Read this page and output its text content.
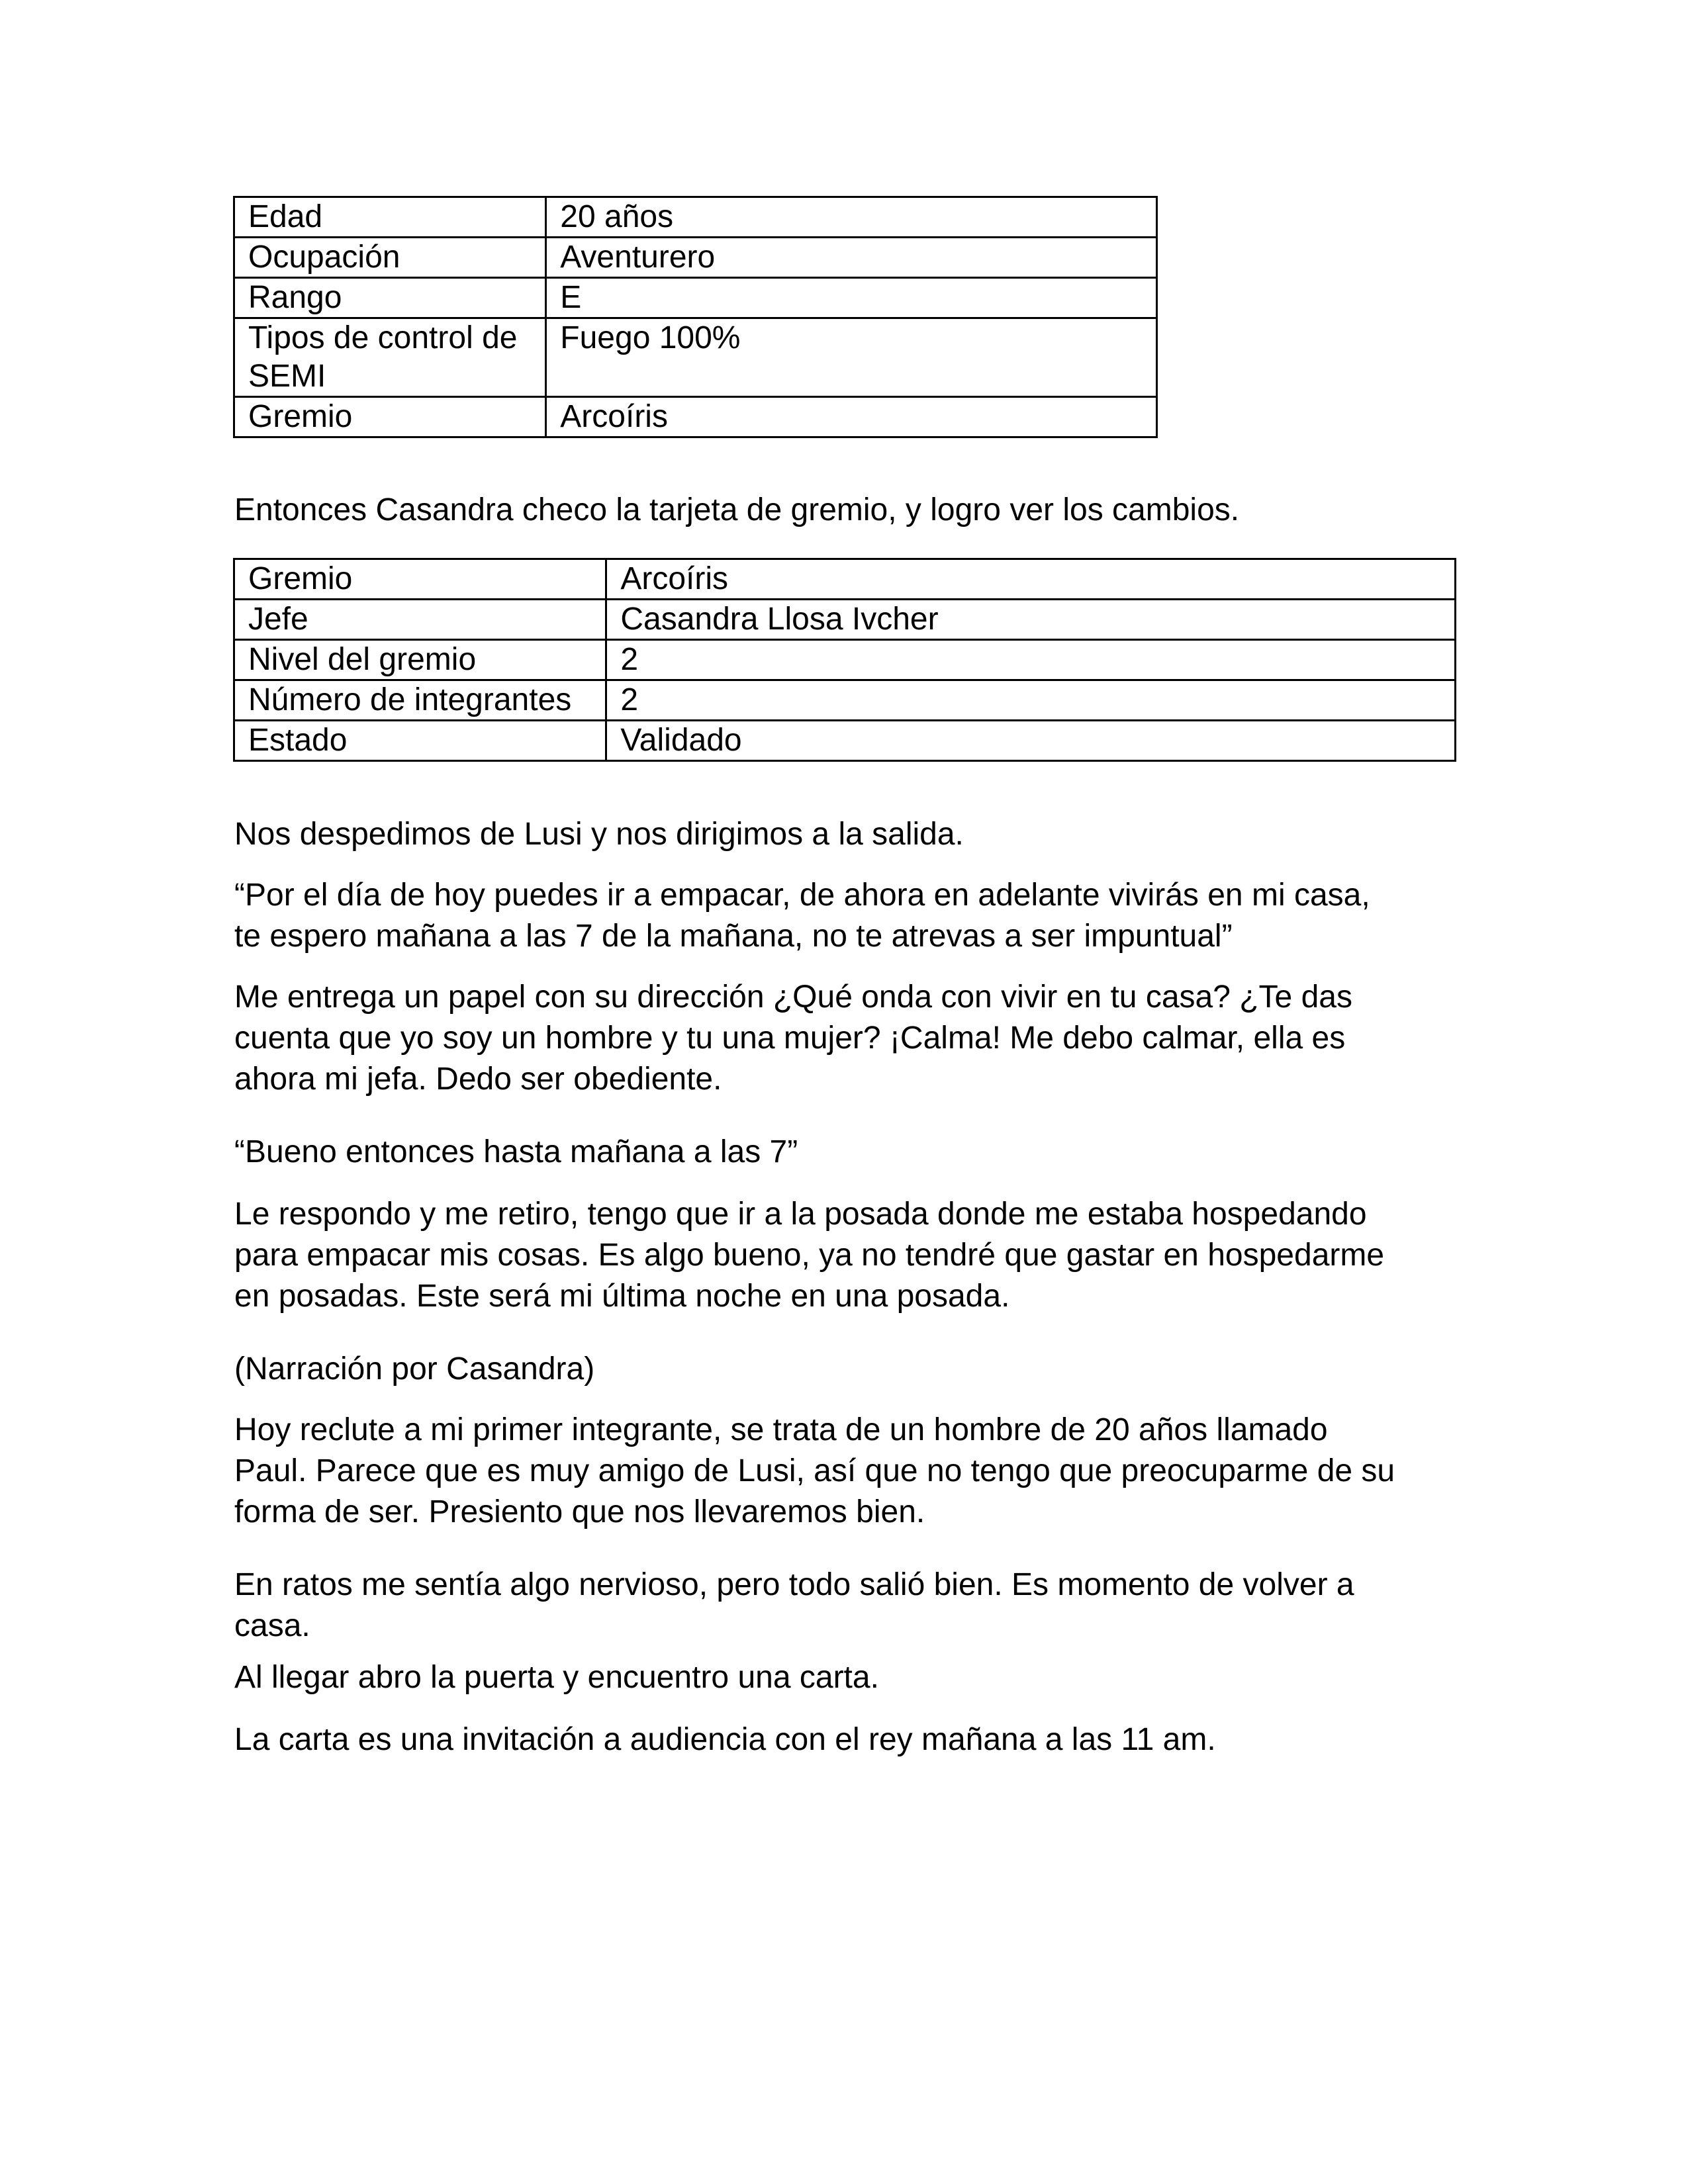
Edad	20 años
Ocupación	Aventurero
Rango	E
Tipos de control de SEMI	Fuego 100%
Gremio	Arcoíris

Entonces Casandra checo la tarjeta de gremio, y logro ver los cambios.

Gremio	Arcoíris
Jefe	Casandra Llosa Ivcher
Nivel del gremio	2
Número de integrantes	2
Estado	Validado

Nos despedimos de Lusi y nos dirigimos a la salida.

“Por el día de hoy puedes ir a empacar, de ahora en adelante vivirás en mi casa,
te espero mañana a las 7 de la mañana, no te atrevas a ser impuntual”

Me entrega un papel con su dirección ¿Qué onda con vivir en tu casa? ¿Te das
cuenta que yo soy un hombre y tu una mujer? ¡Calma! Me debo calmar, ella es
ahora mi jefa. Dedo ser obediente.

“Bueno entonces hasta mañana a las 7”

Le respondo y me retiro, tengo que ir a la posada donde me estaba hospedando
para empacar mis cosas. Es algo bueno, ya no tendré que gastar en hospedarme
en posadas. Este será mi última noche en una posada.

(Narración por Casandra)

Hoy reclute a mi primer integrante, se trata de un hombre de 20 años llamado
Paul. Parece que es muy amigo de Lusi, así que no tengo que preocuparme de su
forma de ser. Presiento que nos llevaremos bien.

En ratos me sentía algo nervioso, pero todo salió bien. Es momento de volver a
casa.

Al llegar abro la puerta y encuentro una carta.

La carta es una invitación a audiencia con el rey mañana a las 11 am.
